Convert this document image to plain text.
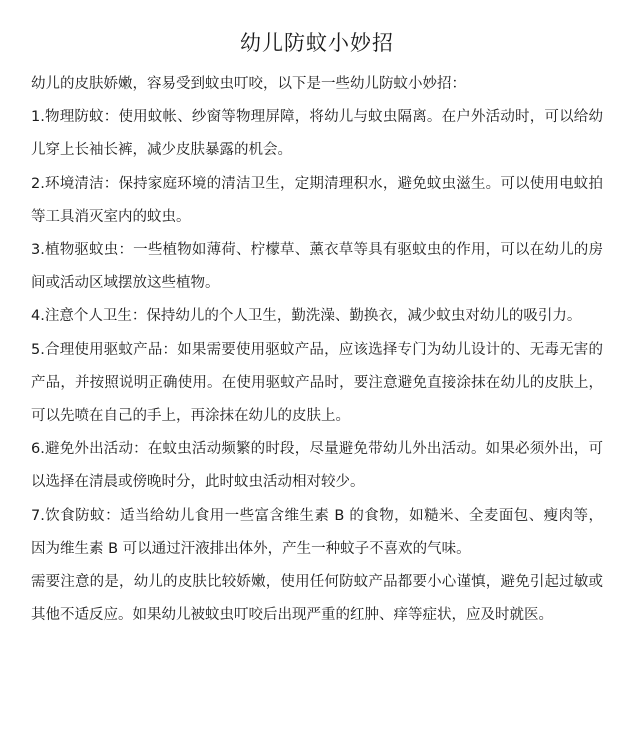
幼儿防蚊小妙招

幼儿的皮肤娇嫩，容易受到蚊虫叮咬，以下是一些幼儿防蚊小妙招：

1.物理防蚊：使用蚊帐、纱窗等物理屏障，将幼儿与蚊虫隔离。在户外活动时，可以给幼儿穿上长袖长裤，减少皮肤暴露的机会。

2.环境清洁：保持家庭环境的清洁卫生，定期清理积水，避免蚊虫滋生。可以使用电蚊拍等工具消灭室内的蚊虫。

3.植物驱蚊虫：一些植物如薄荷、柠檬草、薰衣草等具有驱蚊虫的作用，可以在幼儿的房间或活动区域摆放这些植物。

4.注意个人卫生：保持幼儿的个人卫生，勤洗澡、勤换衣，减少蚊虫对幼儿的吸引力。

5.合理使用驱蚊产品：如果需要使用驱蚊产品，应该选择专门为幼儿设计的、无毒无害的产品，并按照说明正确使用。在使用驱蚊产品时，要注意避免直接涂抹在幼儿的皮肤上，可以先喷在自己的手上，再涂抹在幼儿的皮肤上。

6.避免外出活动：在蚊虫活动频繁的时段，尽量避免带幼儿外出活动。如果必须外出，可以选择在清晨或傍晚时分，此时蚊虫活动相对较少。

7.饮食防蚊：适当给幼儿食用一些富含维生素 B 的食物，如糙米、全麦面包、瘦肉等， 因为维生素 B 可以通过汗液排出体外，产生一种蚊子不喜欢的气味。

需要注意的是，幼儿的皮肤比较娇嫩，使用任何防蚊产品都要小心谨慎，避免引起过敏或其他不适反应。如果幼儿被蚊虫叮咬后出现严重的红肿、痒等症状，应及时就医。
